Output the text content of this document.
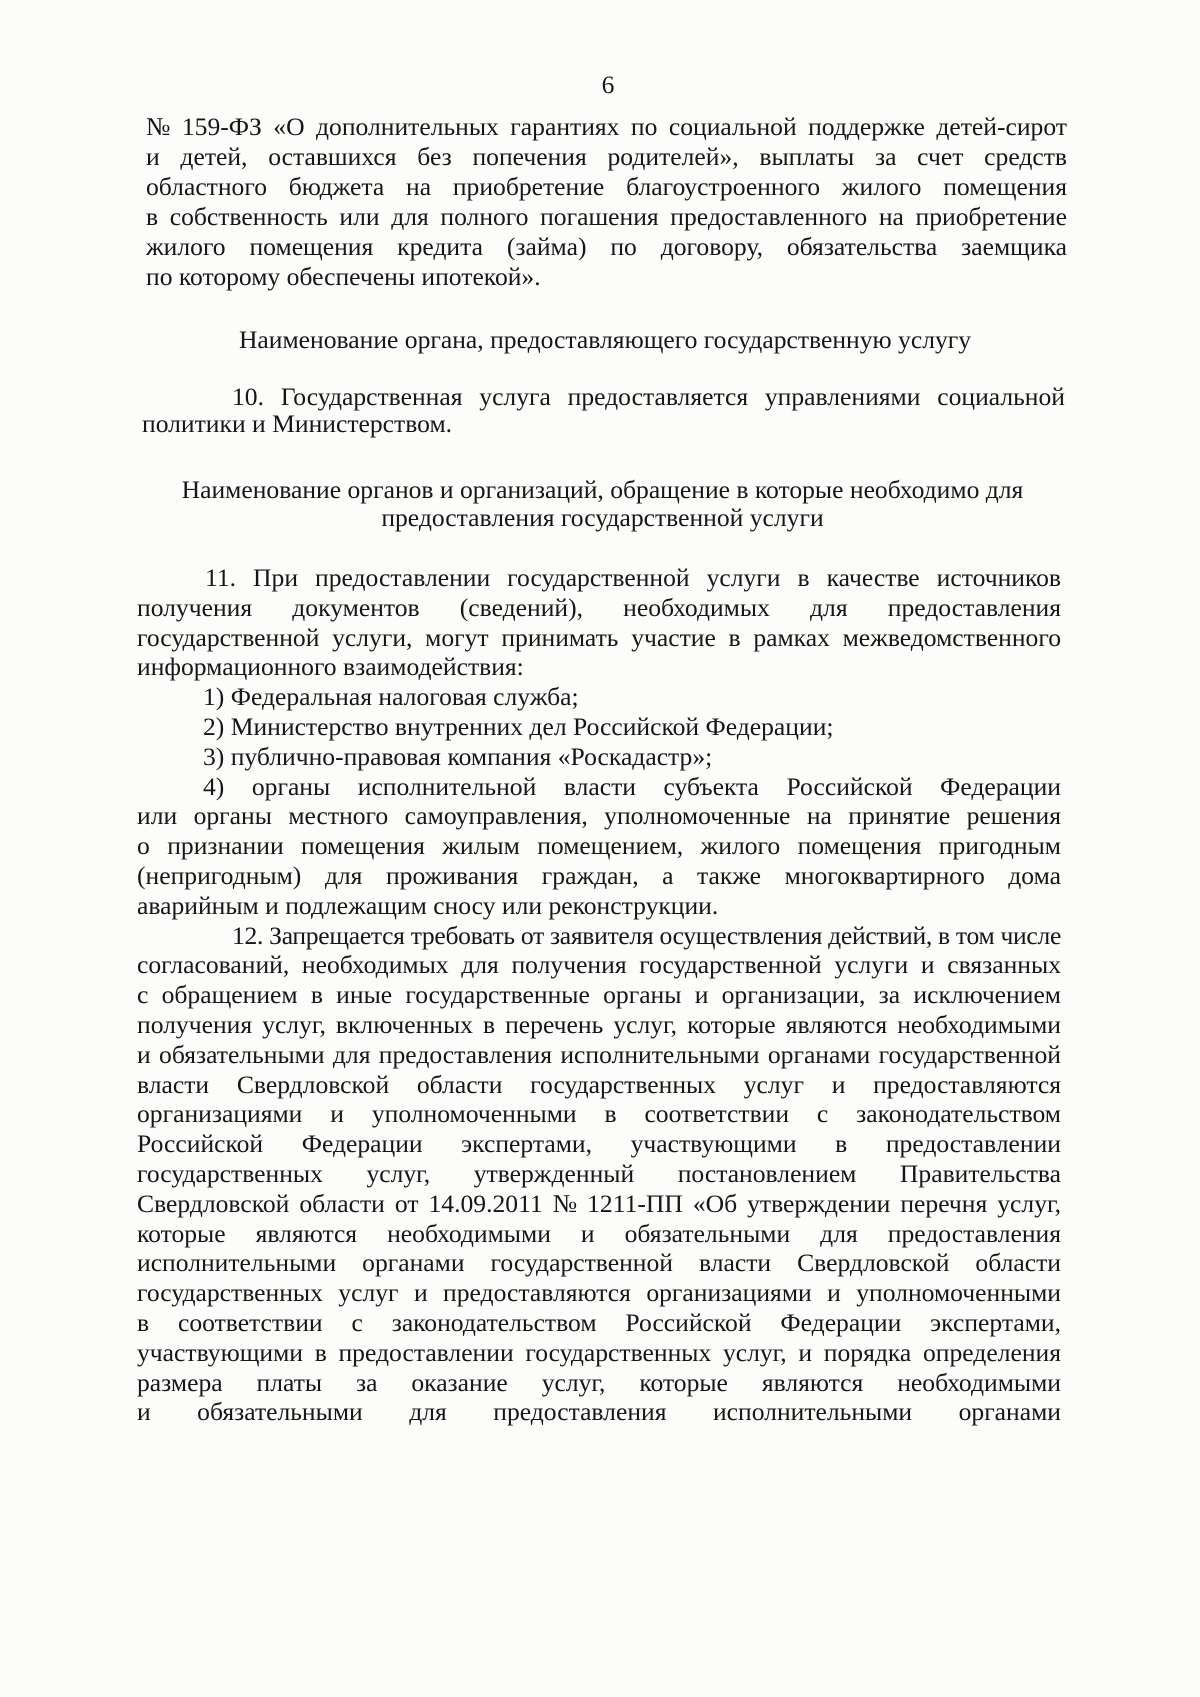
6
№ 159-ФЗ «О дополнительных гарантиях по социальной поддержке детей-сирот
и детей, оставшихся без попечения родителей», выплаты за счет средств
областного бюджета на приобретение благоустроенного жилого помещения
в собственность или для полного погашения предоставленного на приобретение
жилого помещения кредита (займа) по договору, обязательства заемщика
по которому обеспечены ипотекой».
Наименование органа, предоставляющего государственную услугу
10. Государственная услуга предоставляется управлениями социальной
политики и Министерством.
Наименование органов и организаций, обращение в которые необходимо для
предоставления государственной услуги
11. При предоставлении государственной услуги в качестве источников
получения документов (сведений), необходимых для предоставления
государственной услуги, могут принимать участие в рамках межведомственного
информационного взаимодействия:
1) Федеральная налоговая служба;
2) Министерство внутренних дел Российской Федерации;
3) публично-правовая компания «Роскадастр»;
4) органы исполнительной власти субъекта Российской Федерации
или органы местного самоуправления, уполномоченные на принятие решения
о признании помещения жилым помещением, жилого помещения пригодным
(непригодным) для проживания граждан, а также многоквартирного дома
аварийным и подлежащим сносу или реконструкции.
12. Запрещается требовать от заявителя осуществления действий, в том числе
согласований, необходимых для получения государственной услуги и связанных
с обращением в иные государственные органы и организации, за исключением
получения услуг, включенных в перечень услуг, которые являются необходимыми
и обязательными для предоставления исполнительными органами государственной
власти Свердловской области государственных услуг и предоставляются
организациями и уполномоченными в соответствии с законодательством
Российской Федерации экспертами, участвующими в предоставлении
государственных услуг, утвержденный постановлением Правительства
Свердловской области от 14.09.2011 № 1211-ПП «Об утверждении перечня услуг,
которые являются необходимыми и обязательными для предоставления
исполнительными органами государственной власти Свердловской области
государственных услуг и предоставляются организациями и уполномоченными
в соответствии с законодательством Российской Федерации экспертами,
участвующими в предоставлении государственных услуг, и порядка определения
размера платы за оказание услуг, которые являются необходимыми
и обязательными для предоставления исполнительными органами
